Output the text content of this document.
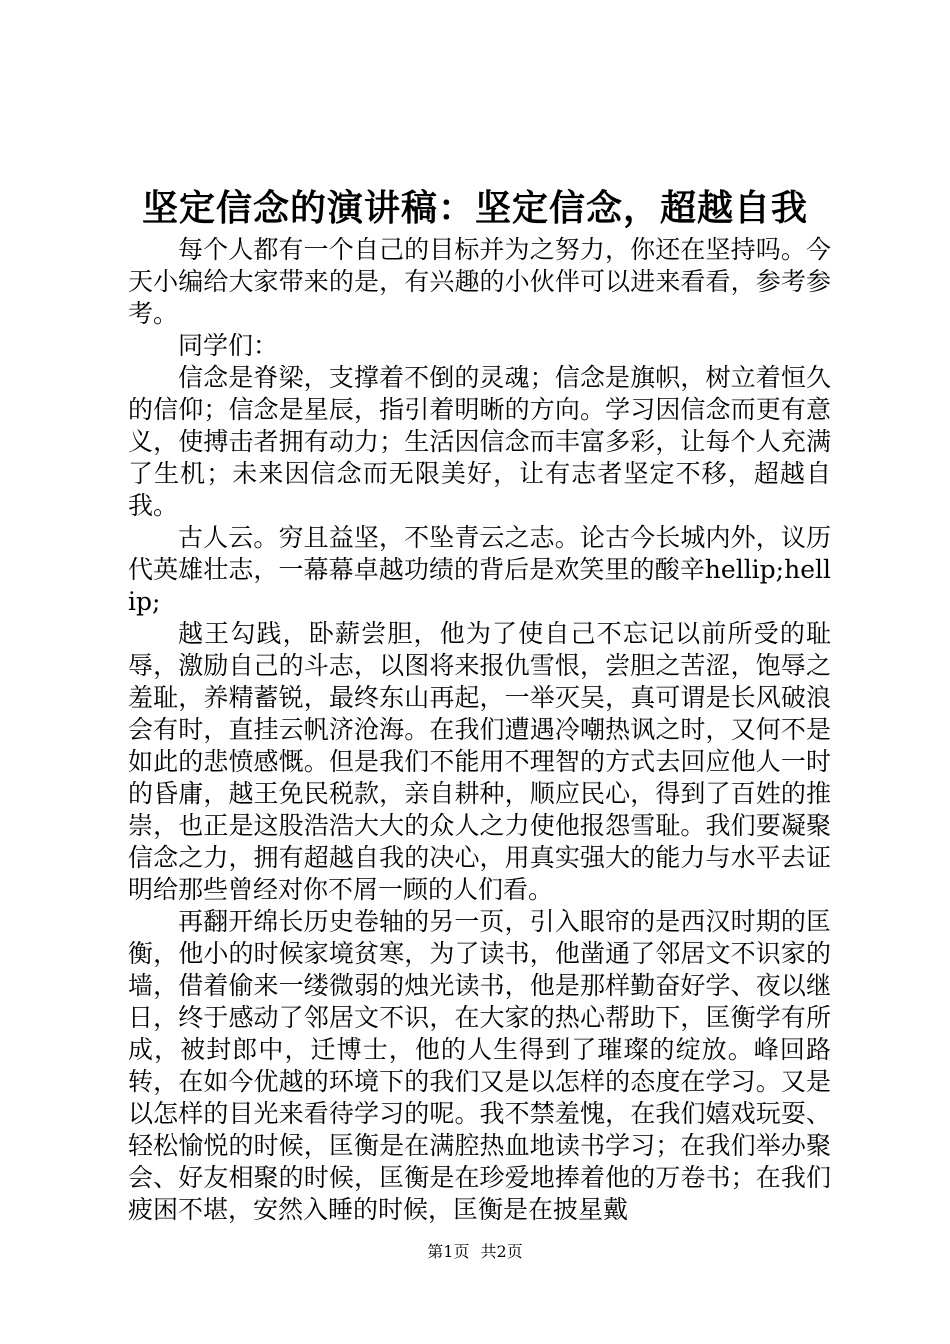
坚定信念的演讲稿：坚定信念，超越自我

每个人都有一个自己的目标并为之努力，你还在坚持吗。今天小编给大家带来的是，有兴趣的小伙伴可以进来看看，参考参考。

同学们：

信念是脊梁，支撑着不倒的灵魂；信念是旗帜，树立着恒久的信仰；信念是星辰，指引着明晰的方向。学习因信念而更有意义，使搏击者拥有动力；生活因信念而丰富多彩，让每个人充满了生机；未来因信念而无限美好，让有志者坚定不移，超越自我。

古人云。穷且益坚，不坠青云之志。论古今长城内外，议历代英雄壮志，一幕幕卓越功绩的背后是欢笑里的酸辛hellip;hellip;

越王勾践，卧薪尝胆，他为了使自己不忘记以前所受的耻辱，激励自己的斗志，以图将来报仇雪恨，尝胆之苦涩，饱辱之羞耻，养精蓄锐，最终东山再起，一举灭吴，真可谓是长风破浪会有时，直挂云帆济沧海。在我们遭遇冷嘲热讽之时，又何不是如此的悲愤感慨。但是我们不能用不理智的方式去回应他人一时的昏庸，越王免民税款，亲自耕种，顺应民心，得到了百姓的推崇，也正是这股浩浩大大的众人之力使他报怨雪耻。我们要凝聚信念之力，拥有超越自我的决心，用真实强大的能力与水平去证明给那些曾经对你不屑一顾的人们看。

再翻开绵长历史卷轴的另一页，引入眼帘的是西汉时期的匡衡，他小的时候家境贫寒，为了读书，他凿通了邻居文不识家的墙，借着偷来一缕微弱的烛光读书，他是那样勤奋好学、夜以继日，终于感动了邻居文不识，在大家的热心帮助下，匡衡学有所成，被封郎中，迁博士，他的人生得到了璀璨的绽放。峰回路转，在如今优越的环境下的我们又是以怎样的态度在学习。又是以怎样的目光来看待学习的呢。我不禁羞愧，在我们嬉戏玩耍、轻松愉悦的时候，匡衡是在满腔热血地读书学习；在我们举办聚会、好友相聚的时候，匡衡是在珍爱地捧着他的万卷书；在我们疲困不堪，安然入睡的时候，匡衡是在披星戴

第1页 共2页
